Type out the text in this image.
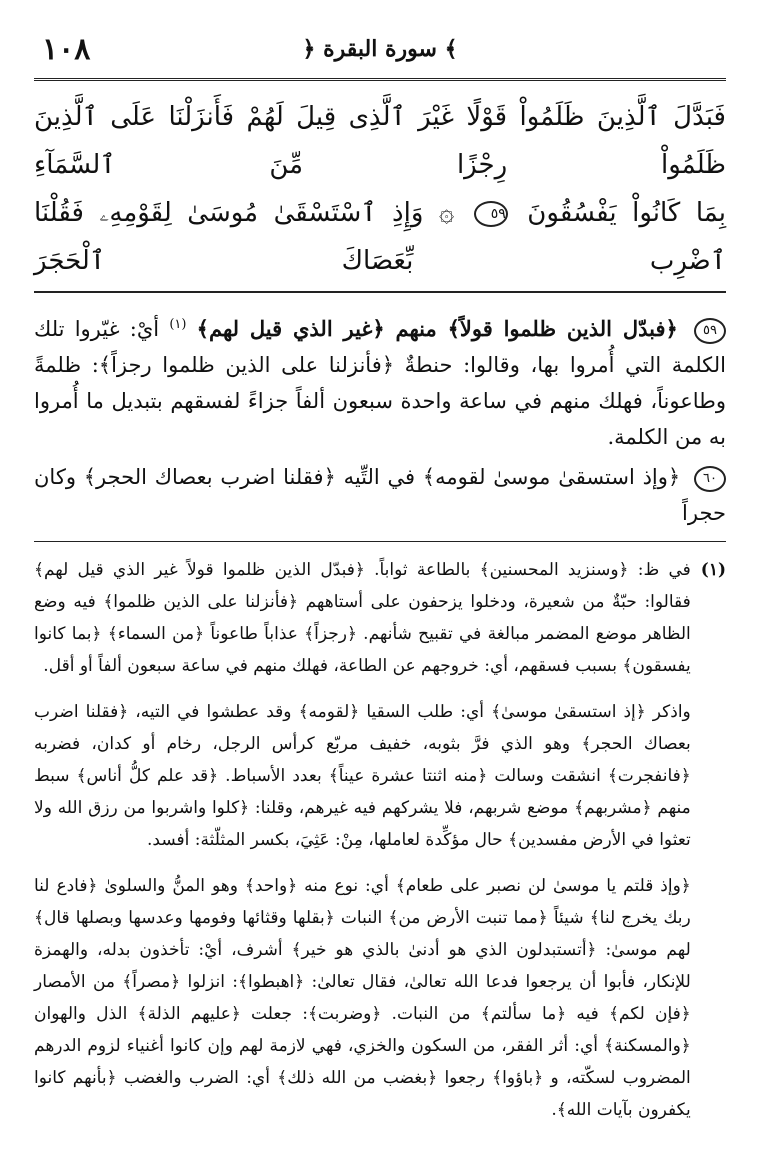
١٠٨	﴿ سورة البقرة ﴾
فَبَدَّلَ ٱلَّذِينَ ظَلَمُواْ قَوْلًا غَيْرَ ٱلَّذِى قِيلَ لَهُمْ فَأَنزَلْنَا عَلَى ٱلَّذِينَ ظَلَمُواْ رِجْزًا مِّنَ ٱلسَّمَآءِ
بِمَا كَانُواْ يَفْسُقُونَ ٥٩ ۞ وَإِذِ ٱسْتَسْقَىٰ مُوسَىٰ لِقَوْمِهِۦ فَقُلْنَا ٱضْرِب بِّعَصَاكَ ٱلْحَجَرَ

٥٩ ﴿فبدّل الذين ظلموا قولاً﴾ منهم ﴿غير الذي قيل لهم﴾ $^{(١)}$ أيْ: غيّروا تلك الكلمة التي أُمروا بها، وقالوا: حنطةٌ ﴿فأنزلنا على الذين ظلموا رجزاً﴾: ظلمةً وطاعوناً، فهلك منهم في ساعة واحدة سبعون ألفاً جزاءً لفسقهم بتبديل ما أُمروا به من الكلمة.

٦٠ ﴿وإذ استسقىٰ موسىٰ لقومه﴾ في التِّيه ﴿فقلنا اضرب بعصاك الحجر﴾ وكان حجراً

(١)

في ظ: ﴿وسنزيد المحسنين﴾ بالطاعة ثواباً. ﴿فبدّل الذين ظلموا قولاً غير الذي قيل لهم﴾ فقالوا: حبّةٌ من شعيرة، ودخلوا يزحفون على أستاههم ﴿فأنزلنا على الذين ظلموا﴾ فيه وضع الظاهر موضع المضمر مبالغة في تقبيح شأنهم. ﴿رجزاً﴾ عذاباً طاعوناً ﴿من السماء﴾ ﴿بما كانوا يفسقون﴾ بسبب فسقهم، أي: خروجهم عن الطاعة، فهلك منهم في ساعة سبعون ألفاً أو أقل.

واذكر ﴿إذ استسقىٰ موسىٰ﴾ أي: طلب السقيا ﴿لقومه﴾ وقد عطشوا في التيه، ﴿فقلنا اضرب بعصاك الحجر﴾ وهو الذي فرَّ بثوبه، خفيف مربّع كرأس الرجل، رخام أو كدان، فضربه ﴿فانفجرت﴾ انشقت وسالت ﴿منه اثنتا عشرة عيناً﴾ بعدد الأسباط. ﴿قد علم كلُّ أناس﴾ سبط منهم ﴿مشربهم﴾ موضع شربهم، فلا يشركهم فيه غيرهم، وقلنا: ﴿كلوا واشربوا من رزق الله ولا تعثوا في الأرض مفسدين﴾ حال مؤكِّدة لعاملها، مِنْ: عَثِيَ، بكسر المثلّثة: أفسد.

﴿وإذ قلتم يا موسىٰ لن نصبر على طعام﴾ أي: نوع منه ﴿واحد﴾ وهو المنُّ والسلوىٰ ﴿فادع لنا ربك يخرج لنا﴾ شيئاً ﴿مما تنبت الأرض من﴾ النبات ﴿بقلها وقثائها وفومها وعدسها وبصلها قال﴾ لهم موسىٰ: ﴿أتستبدلون الذي هو أدنىٰ بالذي هو خير﴾ أشرف، أيْ: تأخذون بدله، والهمزة للإنكار، فأبوا أن يرجعوا فدعا الله تعالىٰ، فقال تعالىٰ: ﴿اهبطوا﴾: انزلوا ﴿مصراً﴾ من الأمصار ﴿فإن لكم﴾ فيه ﴿ما سألتم﴾ من النبات. ﴿وضربت﴾: جعلت ﴿عليهم الذلة﴾ الذل والهوان ﴿والمسكنة﴾ أي: أثر الفقر، من السكون والخزي، فهي لازمة لهم وإن كانوا أغنياء لزوم الدرهم المضروب لسكّته، و ﴿باؤوا﴾ رجعوا ﴿بغضب من الله ذلك﴾ أي: الضرب والغضب ﴿بأنهم كانوا يكفرون بآيات الله﴾.
